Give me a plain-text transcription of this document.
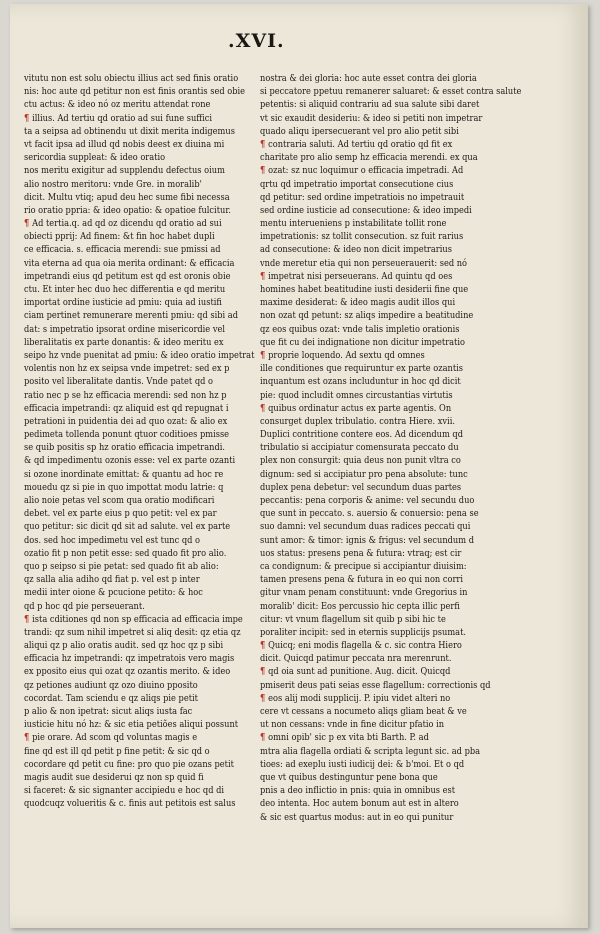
.XVI.
vitutu non est solu obiectu illius act sed finis oratio
nis: hoc aute qd petitur non est finis orantis sed obie
ctu actus: & ideo nó oz meritu attendat rone
¶ illius. Ad tertiu qd oratio ad sui fune suffici
ta a seipsa ad obtinendu ut dixit merita indigemus
vt facit ipsa ad illud qd nobis deest ex diuina mi
sericordia suppleat: & ideo oratio
nos meritu exigitur ad supplendu defectus oium
alio nostro meritoru: vnde Gre. in moralib'
dicit. Multu vtiq; apud deu hec sume fibi necessa
rio oratio ppria: & ideo opatio: & opatioe fulcitur.
¶ Ad tertia.q. ad qd oz dicendu qd oratio ad sui
obiecti pprij: Ad finem: &t fin hoc habet dupli
ce efficacia. s. efficacia merendi: sue pmissi ad
vita eterna ad qua oia merita ordinant: & efficacia
impetrandi eius qd petitum est qd est oronis obie
ctu. Et inter hec duo hec differentia e qd meritu
importat ordine iusticie ad pmiu: quia ad iustifi
ciam pertinet remunerare merenti pmiu: qd sibi ad
dat: s impetratio ipsorat ordine misericordie vel
liberalitatis ex parte donantis: & ideo meritu ex
seipo hz vnde puenitat ad pmiu: & ideo oratio impetrat
volentis non hz ex seipsa vnde impetret: sed ex p
posito vel liberalitate dantis. Vnde patet qd o
ratio nec p se hz efficacia merendi: sed non hz p
efficacia impetrandi: qz aliquid est qd repugnat i
petrationi in puidentia dei ad quo ozat: & alio ex
pedimeta tollenda ponunt qtuor coditioes pmisse
se quib positis sp hz oratio efficacia impetrandi.
& qd impedimentu ozonis esse: vel ex parte ozanti
si ozone inordinate emittat: & quantu ad hoc re
mouedu qz si pie in quo impottat modu latrie: q
alio noie petas vel scom qua oratio modificari
debet. vel ex parte eius p quo petit: vel ex par
quo petitur: sic dicit qd sit ad salute. vel ex parte
dos. sed hoc impedimetu vel est tunc qd o
ozatio fit p non petit esse: sed quado fit pro alio.
quo p seipso si pie petat: sed quado fit ab alio:
qz salla alia adiho qd fiat p. vel est p inter
medii inter oione & pcucione petito: & hoc
qd p hoc qd pie perseuerant.
¶ ista cditiones qd non sp efficacia ad efficacia impe
trandi: qz sum nihil impetret si aliq desit: qz etia qz
aliqui qz p alio oratis audit. sed qz hoc qz p sibi
efficacia hz impetrandi: qz impetratois vero magis
ex pposito eius qui ozat qz ozantis merito. & ideo
qz petiones audiunt qz ozo diuino pposito
cocordat. Tam sciendu e qz aliqs pie petit
p alio & non ipetrat: sicut aliqs iusta fac
iusticie hitu nó hz: & sic etia petiões aliqui possunt
¶ pie orare. Ad scom qd voluntas magis e
fine qd est ill qd petit p fine petit: & sic qd o
cocordare qd petit cu fine: pro quo pie ozans petit
magis audit sue desiderui qz non sp quid fi
si faceret: & sic signanter accipiedu e hoc qd di
quodcuqz volueritis & c. finis aut petitois est salus
nostra & dei gloria: hoc aute esset contra dei gloria
si peccatore ppetuu remanerer saluaret: & esset contra salute
petentis: si aliquid contrariu ad sua salute sibi daret
vt sic exaudit desideriu: & ideo si petiti non impetrar
quado aliqu ipersecuerant vel pro alio petit sibi
¶ contraria saluti. Ad tertiu qd oratio qd fit ex
charitate pro alio semp hz efficacia merendi. ex qua
¶ ozat: sz nuc loquimur o efficacia impetradi. Ad
qrtu qd impetratio importat consecutione cius
qd petitur: sed ordine impetratiois no impetrauit
sed ordine iusticie ad consecutione: & ideo impedi
mentu interueniens p instabilitate tollit rone
impetrationis: sz tollit consecution. sz fuit rarius
ad consecutione: & ideo non dicit impetrarius
vnde meretur etia qui non perseuerauerit: sed nó
¶ impetrat nisi perseuerans. Ad quintu qd oes
homines habet beatitudine iusti desiderii fine que
maxime desiderat: & ideo magis audit illos qui
non ozat qd petunt: sz aliqs impedire a beatitudine
qz eos quibus ozat: vnde talis impletio orationis
que fit cu dei indignatione non dicitur impetratio
¶ proprie loquendo. Ad sextu qd omnes
ille conditiones que requiruntur ex parte ozantis
inquantum est ozans includuntur in hoc qd dicit
pie: quod includit omnes circustantias virtutis
¶ quibus ordinatur actus ex parte agentis. On
consurget duplex tribulatio. contra Hiere. xvii.
Duplici contritione contere eos. Ad dicendum qd
tribulatio si accipiatur comensurata peccato du
plex non consurgit: quia deus non punit vltra co
dignum: sed si accipiatur pro pena absolute: tunc
duplex pena debetur: vel secundum duas partes
peccantis: pena corporis & anime: vel secundu duo
que sunt in peccato. s. auersio & conuersio: pena se
suo damni: vel secundum duas radices peccati qui
sunt amor: & timor: ignis & frigus: vel secundum d
uos status: presens pena & futura: vtraq; est cir
ca condignum: & precipue si accipiantur diuisim:
tamen presens pena & futura in eo qui non corri
gitur vnam penam constituunt: vnde Gregorius in
moralib' dicit: Eos percussio hic cepta illic perfi
citur: vt vnum flagellum sit quib p sibi hic te
poraliter incipit: sed in eternis supplicijs psumat.
¶ Quicq; eni modis flagella & c. sic contra Hiero
dicit. Quicqd patimur peccata nra merenrunt.
¶ qd oia sunt ad punitione. Aug. dicit. Quicqd
pmiserit deus pati seias esse flagellum: correctionis qd
¶ eos alij modi supplicij. P. ipiu videt alteri no
cere vt cessans a nocumeto aliqs gliam beat & ve
ut non cessans: vnde in fine dicitur pfatio in
¶ omni opib' sic p ex vita bti Barth. P. ad
mtra alia flagella ordiati & scripta legunt sic. ad pba
tioes: ad exeplu iusti iudicij dei: & b'moi. Et o qd
que vt quibus destinguntur pene bona que
pnis a deo inflictio in pnis: quia in omnibus est
deo intenta. Hoc autem bonum aut est in altero
& sic est quartus modus: aut in eo qui punitur
